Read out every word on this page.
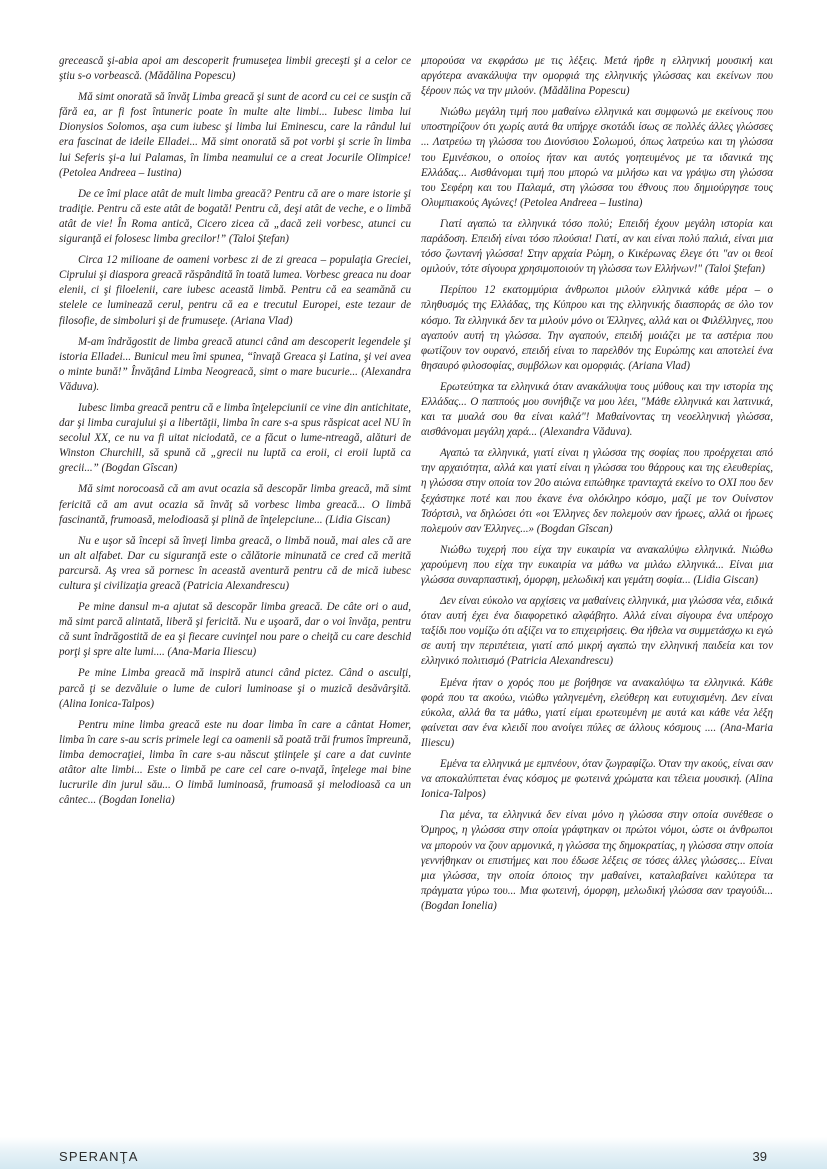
grecească şi-abia apoi am descoperit frumuseţea limbii greceşti şi a celor ce ştiu s-o vorbească. (Mădălina Popescu)

Mă simt onorată să învăţ Limba greacă şi sunt de acord cu cei ce susţin că fără ea, ar fi fost întuneric poate în multe alte limbi... Iubesc limba lui Dionysios Solomos, aşa cum iubesc şi limba lui Eminescu, care la rândul lui era fascinat de ideile Elladei... Mă simt onorată să pot vorbi şi scrie în limba lui Seferis şi-a lui Palamas, în limba neamului ce a creat Jocurile Olimpice! (Petolea Andreea – Iustina)

De ce îmi place atât de mult limba greacă? Pentru că are o mare istorie şi tradiţie. Pentru că este atât de bogată! Pentru că, deşi atât de veche, e o limbă atât de vie! În Roma antică, Cicero zicea că „dacă zeii vorbesc, atunci cu siguranţă ei folosesc limba grecilor!” (Taloi Ştefan)

Circa 12 milioane de oameni vorbesc zi de zi greaca – populaţia Greciei, Ciprului şi diaspora greacă răspândită în toată lumea. Vorbesc greaca nu doar elenii, ci şi filoelenii, care iubesc această limbă. Pentru că ea seamănă cu stelele ce luminează cerul, pentru că ea e trecutul Europei, este tezaur de filosofie, de simboluri şi de frumuseţe. (Ariana Vlad)

M-am îndrăgostit de limba greacă atunci când am descoperit legendele şi istoria Elladei... Bunicul meu îmi spunea, “învaţă Greaca şi Latina, şi vei avea o minte bună!” Învăţând Limba Neogreacă, simt o mare bucurie... (Alexandra Văduva).

Iubesc limba greacă pentru că e limba înţelepciunii ce vine din antichitate, dar şi limba curajului şi a libertăţii, limba în care s-a spus răspicat acel NU în secolul XX, ce nu va fi uitat niciodată, ce a făcut o lume-ntreagă, alături de Winston Churchill, să spună că „grecii nu luptă ca eroii, ci eroii luptă ca grecii...” (Bogdan Gîscan)

Mă simt norocoasă că am avut ocazia să descopăr limba greacă, mă simt fericită că am avut ocazia să învăţ să vorbesc limba greacă... O limbă fascinantă, frumoasă, melodioasă şi plină de înţelepciune... (Lidia Giscan)

Nu e uşor să începi să înveţi limba greacă, o limbă nouă, mai ales că are un alt alfabet. Dar cu siguranţă este o călătorie minunată ce cred că merită parcursă. Aş vrea să pornesc în această aventură pentru că de mică iubesc cultura şi civilizaţia greacă (Patricia Alexandrescu)

Pe mine dansul m-a ajutat să descopăr limba greacă. De câte ori o aud, mă simt parcă alintată, liberă şi fericită. Nu e uşoară, dar o voi învăţa, pentru că sunt îndrăgostită de ea şi fiecare cuvinţel nou pare o cheiţă cu care deschid porţi şi spre alte lumi.... (Ana-Maria Iliescu)

Pe mine Limba greacă mă inspiră atunci când pictez. Când o asculţi, parcă ţi se dezvăluie o lume de culori luminoase şi o muzică desăvârşită. (Alina Ionica-Talpos)

Pentru mine limba greacă este nu doar limba în care a cântat Homer, limba în care s-au scris primele legi ca oamenii să poată trăi frumos împreună, limba democraţiei, limba în care s-au născut ştiinţele şi care a dat cuvinte atâtor alte limbi... Este o limbă pe care cel care o-nvaţă, înţelege mai bine lucrurile din jurul său... O limbă luminoasă, frumoasă şi melodioasă ca un cântec... (Bogdan Ionelia)

μπορούσα να εκφράσω με τις λέξεις. Μετά ήρθε η ελληνική μουσική και αργότερα ανακάλυψα την ομορφιά της ελληνικής γλώσσας και εκείνων που ξέρουν πώς να την μιλούν. (Mădălina Popescu)

Νιώθω μεγάλη τιμή που μαθαίνω ελληνικά και συμφωνώ με εκείνους που υποστηρίζουν ότι χωρίς αυτά θα υπήρχε σκοτάδι ίσως σε πολλές άλλες γλώσσες ... Λατρεύω τη γλώσσα του Διονύσιου Σολωμού, όπως λατρεύω και τη γλώσσα του Εμινέσκου, ο οποίος ήταν και αυτός γοητευμένος με τα ιδανικά της Ελλάδας... Αισθάνομαι τιμή που μπορώ να μιλήσω και να γράψω στη γλώσσα του Σεφέρη και του Παλαμά, στη γλώσσα του έθνους που δημιούργησε τους Ολυμπιακούς Αγώνες! (Petolea Andreea – Iustina)

Γιατί αγαπώ τα ελληνικά τόσο πολύ; Επειδή έχουν μεγάλη ιστορία και παράδοση. Επειδή είναι τόσο πλούσια! Γιατί, αν και είναι πολύ παλιά, είναι μια τόσο ζωντανή γλώσσα! Στην αρχαία Ρώμη, ο Κικέρωνας έλεγε ότι "αν οι θεοί ομιλούν, τότε σίγουρα χρησιμοποιούν τη γλώσσα των Ελλήνων!" (Taloi Ştefan)

Περίπου 12 εκατομμύρια άνθρωποι μιλούν ελληνικά κάθε μέρα – ο πληθυσμός της Ελλάδας, της Κύπρου και της ελληνικής διασποράς σε όλο τον κόσμο. Τα ελληνικά δεν τα μιλούν μόνο οι Έλληνες, αλλά και οι Φιλέλληνες, που αγαπούν αυτή τη γλώσσα. Την αγαπούν, επειδή μοιάζει με τα αστέρια που φωτίζουν τον ουρανό, επειδή είναι το παρελθόν της Ευρώπης και αποτελεί ένα θησαυρό φιλοσοφίας, συμβόλων και ομορφιάς. (Ariana Vlad)

Ερωτεύτηκα τα ελληνικά όταν ανακάλυψα τους μύθους και την ιστορία της Ελλάδας... Ο παππούς μου συνήθιζε να μου λέει, "Μάθε ελληνικά και λατινικά, και τα μυαλά σου θα είναι καλά"! Μαθαίνοντας τη νεοελληνική γλώσσα, αισθάνομαι μεγάλη χαρά... (Alexandra Văduva).

Αγαπώ τα ελληνικά, γιατί είναι η γλώσσα της σοφίας που προέρχεται από την αρχαιότητα, αλλά και γιατί είναι η γλώσσα του θάρρους και της ελευθερίας, η γλώσσα στην οποία τον 20ο αιώνα ειπώθηκε τρανταχτά εκείνο το ΟΧΙ που δεν ξεχάστηκε ποτέ και που έκανε ένα ολόκληρο κόσμο, μαζί με τον Ουίνστον Τσόρτσιλ, να δηλώσει ότι «οι Έλληνες δεν πολεμούν σαν ήρωες, αλλά οι ήρωες πολεμούν σαν Έλληνες...» (Bogdan Gîscan)

Νιώθω τυχερή που είχα την ευκαιρία να ανακαλύψω ελληνικά. Νιώθω χαρούμενη που είχα την ευκαιρία να μάθω να μιλάω ελληνικά... Είναι μια γλώσσα συναρπαστική, όμορφη, μελωδική και γεμάτη σοφία... (Lidia Giscan)

Δεν είναι εύκολο να αρχίσεις να μαθαίνεις ελληνικά, μια γλώσσα νέα, ειδικά όταν αυτή έχει ένα διαφορετικό αλφάβητο. Αλλά είναι σίγουρα ένα υπέροχο ταξίδι που νομίζω ότι αξίζει να το επιχειρήσεις. Θα ήθελα να συμμετάσχω κι εγώ σε αυτή την περιπέτεια, γιατί από μικρή αγαπώ την ελληνική παιδεία και τον ελληνικό πολιτισμό (Patricia Alexandrescu)

Εμένα ήταν ο χορός που με βοήθησε να ανακαλύψω τα ελληνικά. Κάθε φορά που τα ακούω, νιώθω γαληνεμένη, ελεύθερη και ευτυχισμένη. Δεν είναι εύκολα, αλλά θα τα μάθω, γιατί είμαι ερωτευμένη με αυτά και κάθε νέα λέξη φαίνεται σαν ένα κλειδί που ανοίγει πύλες σε άλλους κόσμους .... (Ana-Maria Iliescu)

Εμένα τα ελληνικά με εμπνέουν, όταν ζωγραφίζω. Όταν την ακούς, είναι σαν να αποκαλύπτεται ένας κόσμος με φωτεινά χρώματα και τέλεια μουσική. (Alina Ionica-Talpos)

Για μένα, τα ελληνικά δεν είναι μόνο η γλώσσα στην οποία συνέθεσε ο Όμηρος, η γλώσσα στην οποία γράφτηκαν οι πρώτοι νόμοι, ώστε οι άνθρωποι να μπορούν να ζουν αρμονικά, η γλώσσα της δημοκρατίας, η γλώσσα στην οποία γεννήθηκαν οι επιστήμες και που έδωσε λέξεις σε τόσες άλλες γλώσσες... Είναι μια γλώσσα, την οποία όποιος την μαθαίνει, καταλαβαίνει καλύτερα τα πράγματα γύρω του... Μια φωτεινή, όμορφη, μελωδική γλώσσα σαν τραγούδι... (Bogdan Ionelia)

SPERANŢA	39
